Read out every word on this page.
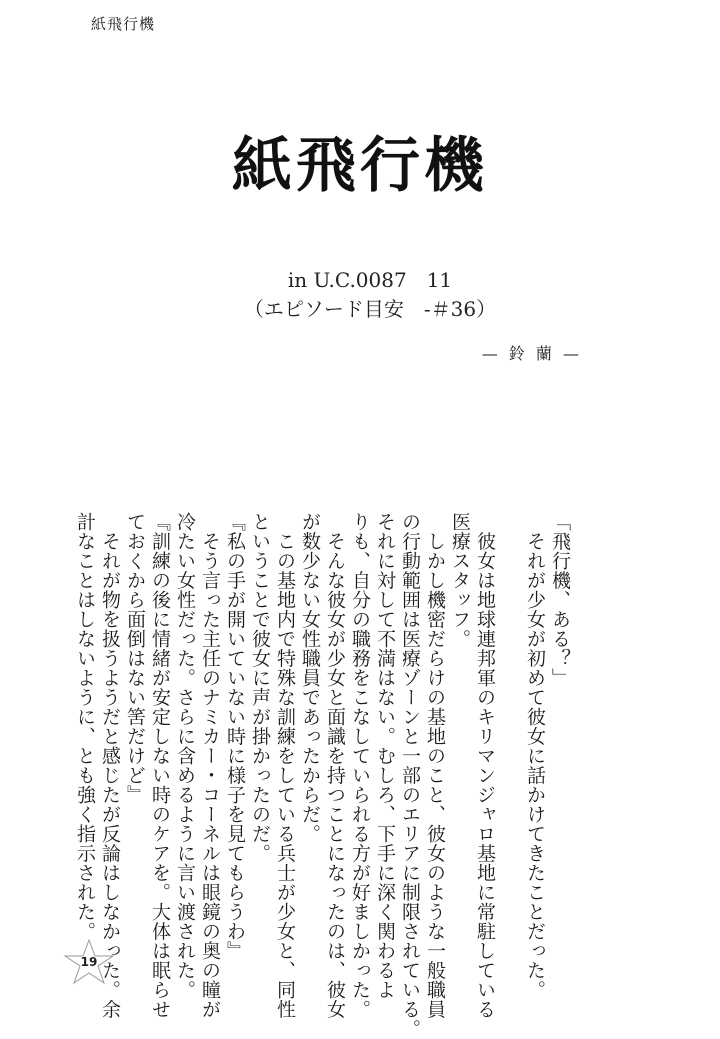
紙飛行機
紙飛行機
in U.C.0087　11
（エピソード目安　-＃36）
— 鈴 蘭 —
「飛行機、ある？」
　それが少女が初めて彼女に話かけてきたことだった。
　彼女は地球連邦軍のキリマンジャロ基地に常駐している
医療スタッフ。
　しかし機密だらけの基地のこと、彼女のような一般職員
の行動範囲は医療ゾーンと一部のエリアに制限されている。
それに対して不満はない。むしろ、下手に深く関わるよ
りも、自分の職務をこなしていられる方が好ましかった。
　そんな彼女が少女と面識を持つことになったのは、彼女
が数少ない女性職員であったからだ。
　この基地内で特殊な訓練をしている兵士が少女と、同性
ということで彼女に声が掛かったのだ。
『私の手が開いていない時に様子を見てもらうわ』
　そう言った主任のナミカー・コーネルは眼鏡の奥の瞳が
冷たい女性だった。さらに含めるように言い渡された。
『訓練の後に情緒が安定しない時のケアを。大体は眠らせ
ておくから面倒はない筈だけど』
　それが物を扱うようだと感じたが反論はしなかった。余
計なことはしないように、とも強く指示された。
19
